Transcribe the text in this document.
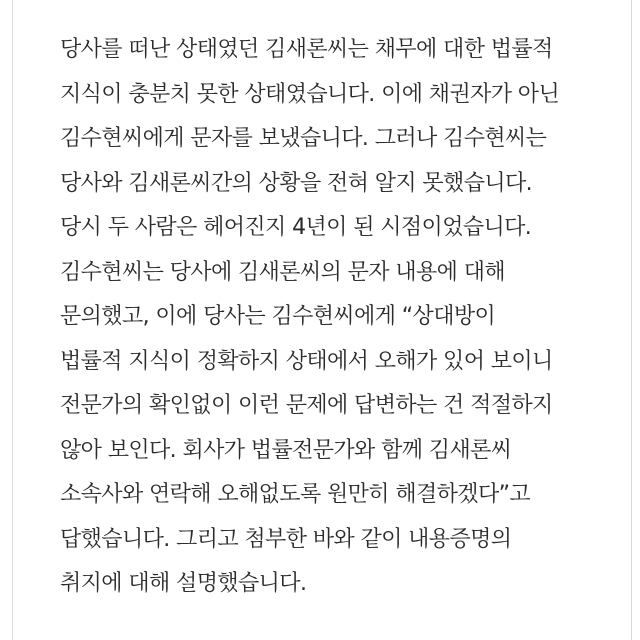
당사를 떠난 상태였던 김새론씨는 채무에 대한 법률적
지식이 충분치 못한 상태였습니다. 이에 채권자가 아닌
김수현씨에게 문자를 보냈습니다. 그러나 김수현씨는
당사와 김새론씨간의 상황을 전혀 알지 못했습니다.
당시 두 사람은 헤어진지 4년이 된 시점이었습니다.
김수현씨는 당사에 김새론씨의 문자 내용에 대해
문의했고, 이에 당사는 김수현씨에게 “상대방이
법률적 지식이 정확하지 상태에서 오해가 있어 보이니
전문가의 확인없이 이런 문제에 답변하는 건 적절하지
않아 보인다. 회사가 법률전문가와 함께 김새론씨
소속사와 연락해 오해없도록 원만히 해결하겠다”고
답했습니다. 그리고 첨부한 바와 같이 내용증명의
취지에 대해 설명했습니다.
